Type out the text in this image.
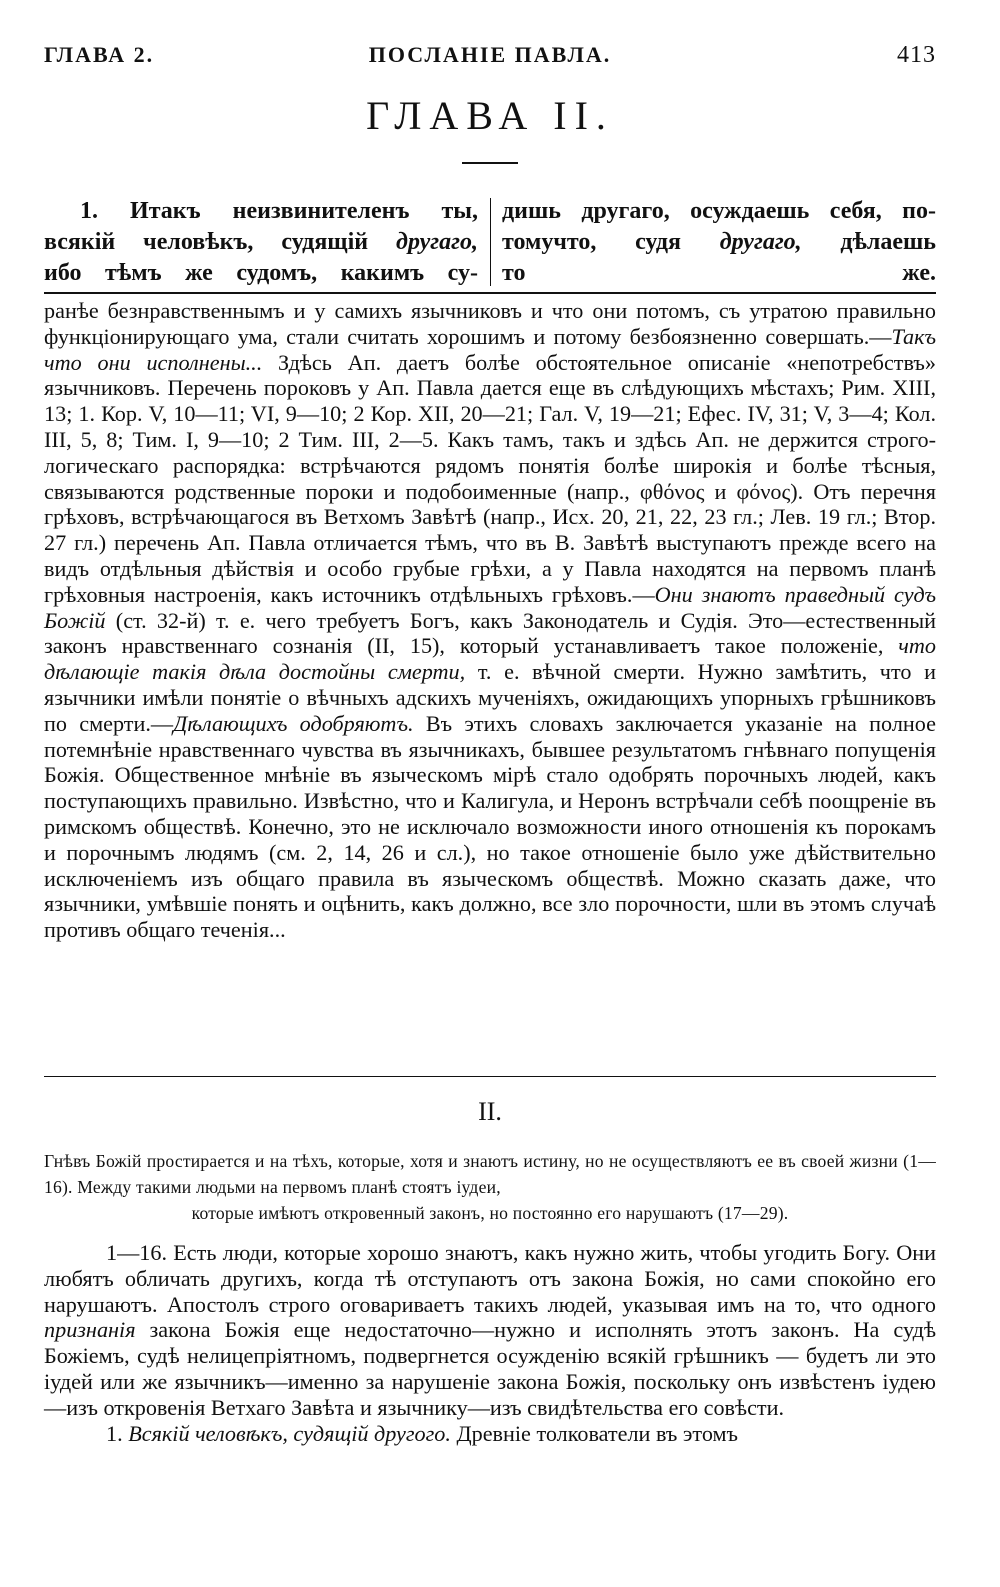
ГЛАВА 2.	ПОСЛАНІЕ ПАВЛА.	413
ГЛАВА II.
1. Итакъ неизвинителенъ ты,
всякій человѣкъ, судящій другаго,
ибо тѣмъ же судомъ, какимъ су-
дишь другаго, осуждаешь себя, по-
томучто, судя другаго, дѣлаешь
то же.

ранѣе безнравственнымъ и у самихъ язычниковъ и что они потомъ, съ утратою правильно функціонирующаго ума, стали считать хорошимъ и потому безбоязненно совершать.—Такъ что они исполнены... Здѣсь Ап. даетъ болѣе обстоятельное описаніе «непотребствъ» язычниковъ. Перечень пороковъ у Ап. Павла дается еще въ слѣдующихъ мѣстахъ; Рим. XIII, 13; 1. Кор. V, 10—11; VI, 9—10; 2 Кор. XII, 20—21; Гал. V, 19—21; Ефес. IV, 31; V, 3—4; Кол. III, 5, 8; Тим. I, 9—10; 2 Тим. III, 2—5. Какъ тамъ, такъ и здѣсь Ап. не держится строго-логическаго распорядка: встрѣчаются рядомъ понятія болѣе широкія и болѣе тѣсныя, связываются родственные пороки и подобоименные (напр., φθόνος и φόνος). Отъ перечня грѣховъ, встрѣчающагося въ Ветхомъ Завѣтѣ (напр., Исх. 20, 21, 22, 23 гл.; Лев. 19 гл.; Втор. 27 гл.) перечень Ап. Павла отличается тѣмъ, что въ В. Завѣтѣ выступаютъ прежде всего на видъ отдѣльныя дѣйствія и особо грубые грѣхи, а у Павла находятся на первомъ планѣ грѣховныя настроенія, какъ источникъ отдѣльныхъ грѣховъ.—Они знаютъ праведный судъ Божій (ст. 32-й) т. е. чего требуетъ Богъ, какъ Законодатель и Судія. Это—естественный законъ нравственнаго сознанія (II, 15), который устанавливаетъ такое положеніе, что дѣлающіе такія дѣла достойны смерти, т. е. вѣчной смерти. Нужно замѣтить, что и язычники имѣли понятіе о вѣчныхъ адскихъ мученіяхъ, ожидающихъ упорныхъ грѣшниковъ по смерти.—Дѣлающихъ одобряютъ. Въ этихъ словахъ заключается указаніе на полное потемнѣніе нравственнаго чувства въ язычникахъ, бывшее результатомъ гнѣвнаго попущенія Божія. Общественное мнѣніе въ языческомъ мірѣ стало одобрять порочныхъ людей, какъ поступающихъ правильно. Извѣстно, что и Калигула, и Неронъ встрѣчали себѣ поощреніе въ римскомъ обществѣ. Конечно, это не исключало возможности иного отношенія къ порокамъ и порочнымъ людямъ (см. 2, 14, 26 и сл.), но такое отношеніе было уже дѣйствительно исключеніемъ изъ общаго правила въ языческомъ обществѣ. Можно сказать даже, что язычники, умѣвшіе понять и оцѣнить, какъ должно, все зло порочности, шли въ этомъ случаѣ противъ общаго теченія...

II.
Гнѣвъ Божій простирается и на тѣхъ, которые, хотя и знаютъ истину, но не осуществляютъ ее въ своей жизни (1—16). Между такими людьми на первомъ планѣ стоятъ іудеи,
которые имѣютъ откровенный законъ, но постоянно его нарушаютъ (17—29).

1—16. Есть люди, которые хорошо знаютъ, какъ нужно жить, чтобы угодить Богу. Они любятъ обличать другихъ, когда тѣ отступаютъ отъ закона Божія, но сами спокойно его нарушаютъ. Апостолъ строго оговариваетъ такихъ людей, указывая имъ на то, что одного признанія закона Божія еще недостаточно—нужно и исполнять этотъ законъ. На судѣ Божіемъ, судѣ нелицепріятномъ, подвергнется осужденію всякій грѣшникъ — будетъ ли это іудей или же язычникъ—именно за нарушеніе закона Божія, поскольку онъ извѣстенъ іудею—изъ откровенія Ветхаго Завѣта и язычнику—изъ свидѣтельства его совѣсти.

1. Всякій человѣкъ, судящій другого. Древніе толкователи въ этомъ
